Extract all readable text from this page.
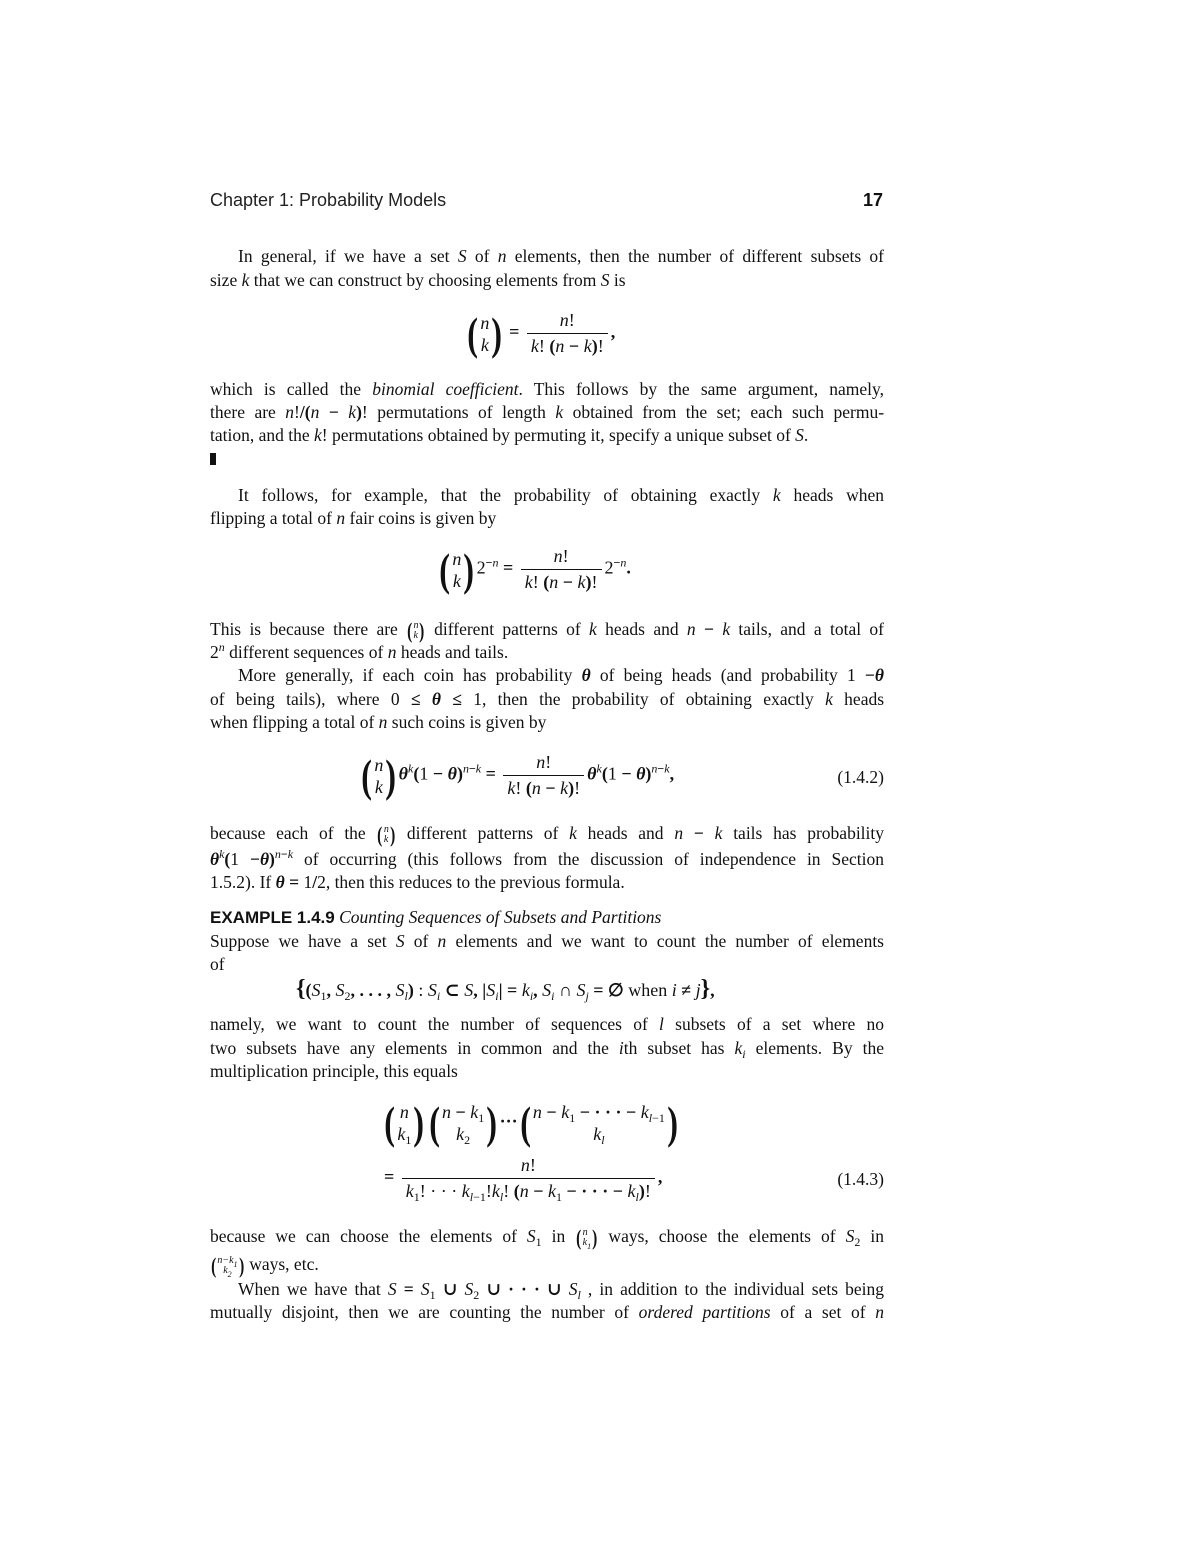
Chapter 1: Probability Models	17
In general, if we have a set S of n elements, then the number of different subsets of
size k that we can construct by choosing elements from S is
( n
k ) = $\frac{n!}{k! (n - k)!}$ ,
which is called the binomial coefficient. This follows by the same argument, namely,
there are n!/(n − k)! permutations of length k obtained from the set; each such permu-
tation, and the k! permutations obtained by permuting it, specify a unique subset of S.
It follows, for example, that the probability of obtaining exactly k heads when
flipping a total of n fair coins is given by
( n
k ) $2^{-n} = \frac{n!}{k! (n - k)!} 2^{-n}$.
This is because there are ( n
k ) different patterns of k heads and n − k tails, and a total of
2$^n$ different sequences of n heads and tails.
More generally, if each coin has probability θ of being heads (and probability 1 −θ
of being tails), where 0 ≤ θ ≤ 1, then the probability of obtaining exactly k heads
when flipping a total of n such coins is given by
( n
k ) $\theta^k(1 - \theta)^{n-k} = \frac{n!}{k! (n - k)!} \theta^k(1 - \theta)^{n-k}$,	(1.4.2)
because each of the ( n
k ) different patterns of k heads and n − k tails has probability
$\theta^k(1 -\theta)^{n-k}$ of occurring (this follows from the discussion of independence in Section
1.5.2). If θ = 1/2, then this reduces to the previous formula.
EXAMPLE 1.4.9 Counting Sequences of Subsets and Partitions
Suppose we have a set S of n elements and we want to count the number of elements
of
{($S_1$, $S_2$, . . . , $S_l$) : $S_i$ ⊂ S, $|S_i| = k_i$, $S_i$ ∩ $S_j$ = ∅ when i ≠ j},
namely, we want to count the number of sequences of l subsets of a set where no
two subsets have any elements in common and the ith subset has $k_i$ elements. By the
multiplication principle, this equals
( n
$k_1$ ) ( $n - k_1$
$k_2$ ) ··· ( $n - k_1$ − · · · − $k_{l-1}$
$k_l$	)
= $\frac{n!}{k_1! \cdot \cdot \cdot k_{l-1}!k_l! (n - k_1 - \cdot \cdot \cdot - k_l)!}$ ,	(1.4.3)
because we can choose the elements of $S_1$ in ( n
$k_1$ ) ways, choose the elements of $S_2$ in
( $n-k_1$
$k_2$ ) ways, etc.
When we have that $S = S_1$ ∪ $S_2$ ∪ · · · ∪ $S_l$ , in addition to the individual sets being
mutually disjoint, then we are counting the number of ordered partitions of a set of n
